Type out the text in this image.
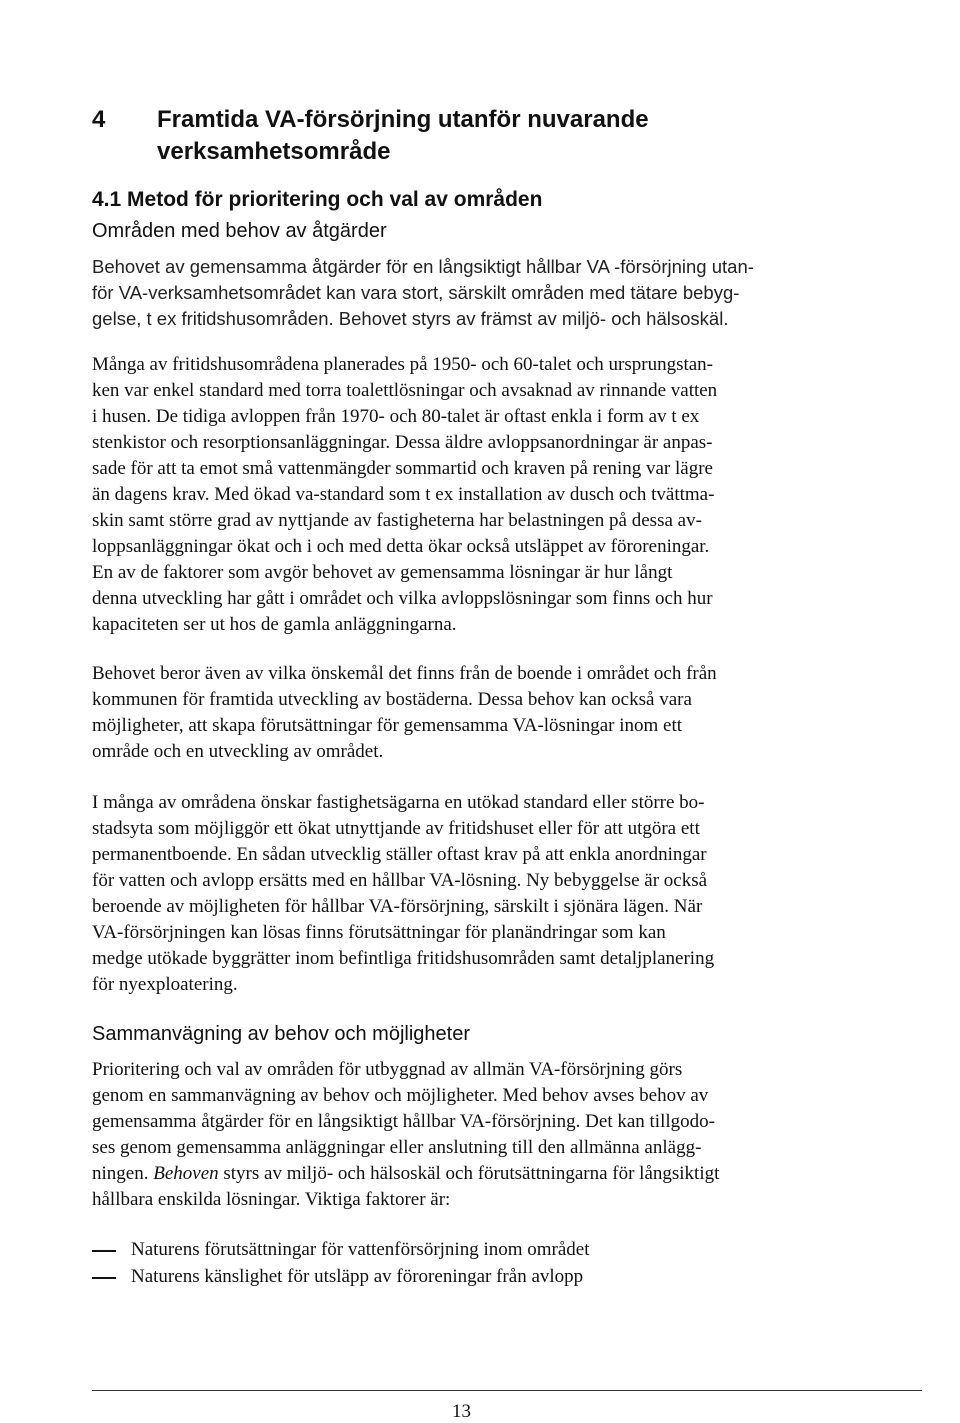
4 Framtida VA-försörjning utanför nuvarande verksamhetsområde
4.1 Metod för prioritering och val av områden
Områden med behov av åtgärder
Behovet av gemensamma åtgärder för en långsiktigt hållbar VA -försörjning utan-
för VA-verksamhetsområdet kan vara stort, särskilt områden med tätare bebyg-
gelse, t ex fritidshusområden. Behovet styrs av främst av miljö- och hälsoskäl.
Många av fritidshusområdena planerades på 1950- och 60-talet och ursprungstan-
ken var enkel standard med torra toalettlösningar och avsaknad av rinnande vatten
i husen. De tidiga avloppen från 1970- och 80-talet är oftast enkla i form av t ex
stenkistor och resorptionsanläggningar. Dessa äldre avloppsanordningar är anpas-
sade för att ta emot små vattenmängder sommartid och kraven på rening var lägre
än dagens krav. Med ökad va-standard som t ex installation av dusch och tvättma-
skin samt större grad av nyttjande av fastigheterna har belastningen på dessa av-
loppsanläggningar ökat och i och med detta ökar också utsläppet av föroreningar.
En av de faktorer som avgör behovet av gemensamma lösningar är hur långt
denna utveckling har gått i området och vilka avloppslösningar som finns och hur
kapaciteten ser ut hos de gamla anläggningarna.
Behovet beror även av vilka önskemål det finns från de boende i området och från
kommunen för framtida utveckling av bostäderna. Dessa behov kan också vara
möjligheter, att skapa förutsättningar för gemensamma VA-lösningar inom ett
område och en utveckling av området.
I många av områdena önskar fastighetsägarna en utökad standard eller större bo-
stadsyta som möjliggör ett ökat utnyttjande av fritidshuset eller för att utgöra ett
permanentboende. En sådan utvecklig ställer oftast krav på att enkla anordningar
för vatten och avlopp ersätts med en hållbar VA-lösning. Ny bebyggelse är också
beroende av möjligheten för hållbar VA-försörjning, särskilt i sjönära lägen. När
VA-försörjningen kan lösas finns förutsättningar för planändringar som kan
medge utökade byggrätter inom befintliga fritidshusområden samt detaljplanering
för nyexploatering.
Sammanvägning av behov och möjligheter
Prioritering och val av områden för utbyggnad av allmän VA-försörjning görs
genom en sammanvägning av behov och möjligheter. Med behov avses behov av
gemensamma åtgärder för en långsiktigt hållbar VA-försörjning. Det kan tillgodo-
ses genom gemensamma anläggningar eller anslutning till den allmänna anlägg-
ningen. Behoven styrs av miljö- och hälsoskäl och förutsättningarna för långsiktigt
hållbara enskilda lösningar. Viktiga faktorer är:
Naturens förutsättningar för vattenförsörjning inom området
Naturens känslighet för utsläpp av föroreningar från avlopp
13
